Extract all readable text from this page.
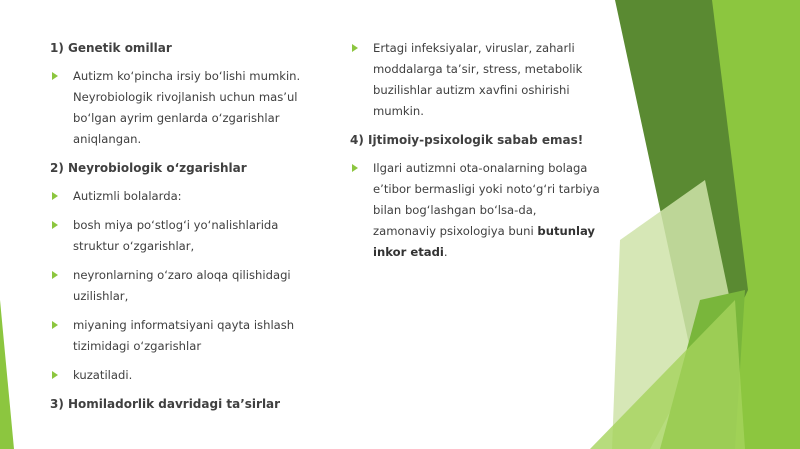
1) Genetik omillar
Autizm ko‘pincha irsiy bo‘lishi mumkin. Neyrobiologik rivojlanish uchun mas’ul bo‘lgan ayrim genlarda o‘zgarishlar aniqlangan.
2) Neyrobiologik o‘zgarishlar
Autizmli bolalarda:
bosh miya po‘stlog‘i yo‘nalishlarida struktur o‘zgarishlar,
neyronlarning o‘zaro aloqa qilishidagi uzilishlar,
miyaning informatsiyani qayta ishlash tizimidagi o‘zgarishlar
kuzatiladi.
3) Homiladorlik davridagi ta’sirlar
Ertagi infeksiyalar, viruslar, zaharli moddalarga ta’sir, stress, metabolik buzilishlar autizm xavfini oshirishi mumkin.
4) Ijtimoiy-psixologik sabab emas!
Ilgari autizmni ota-onalarning bolaga e’tibor bermasligi yoki noto‘g‘ri tarbiya bilan bog‘lashgan bo‘lsa-da, zamonaviy psixologiya buni butunlay inkor etadi.
